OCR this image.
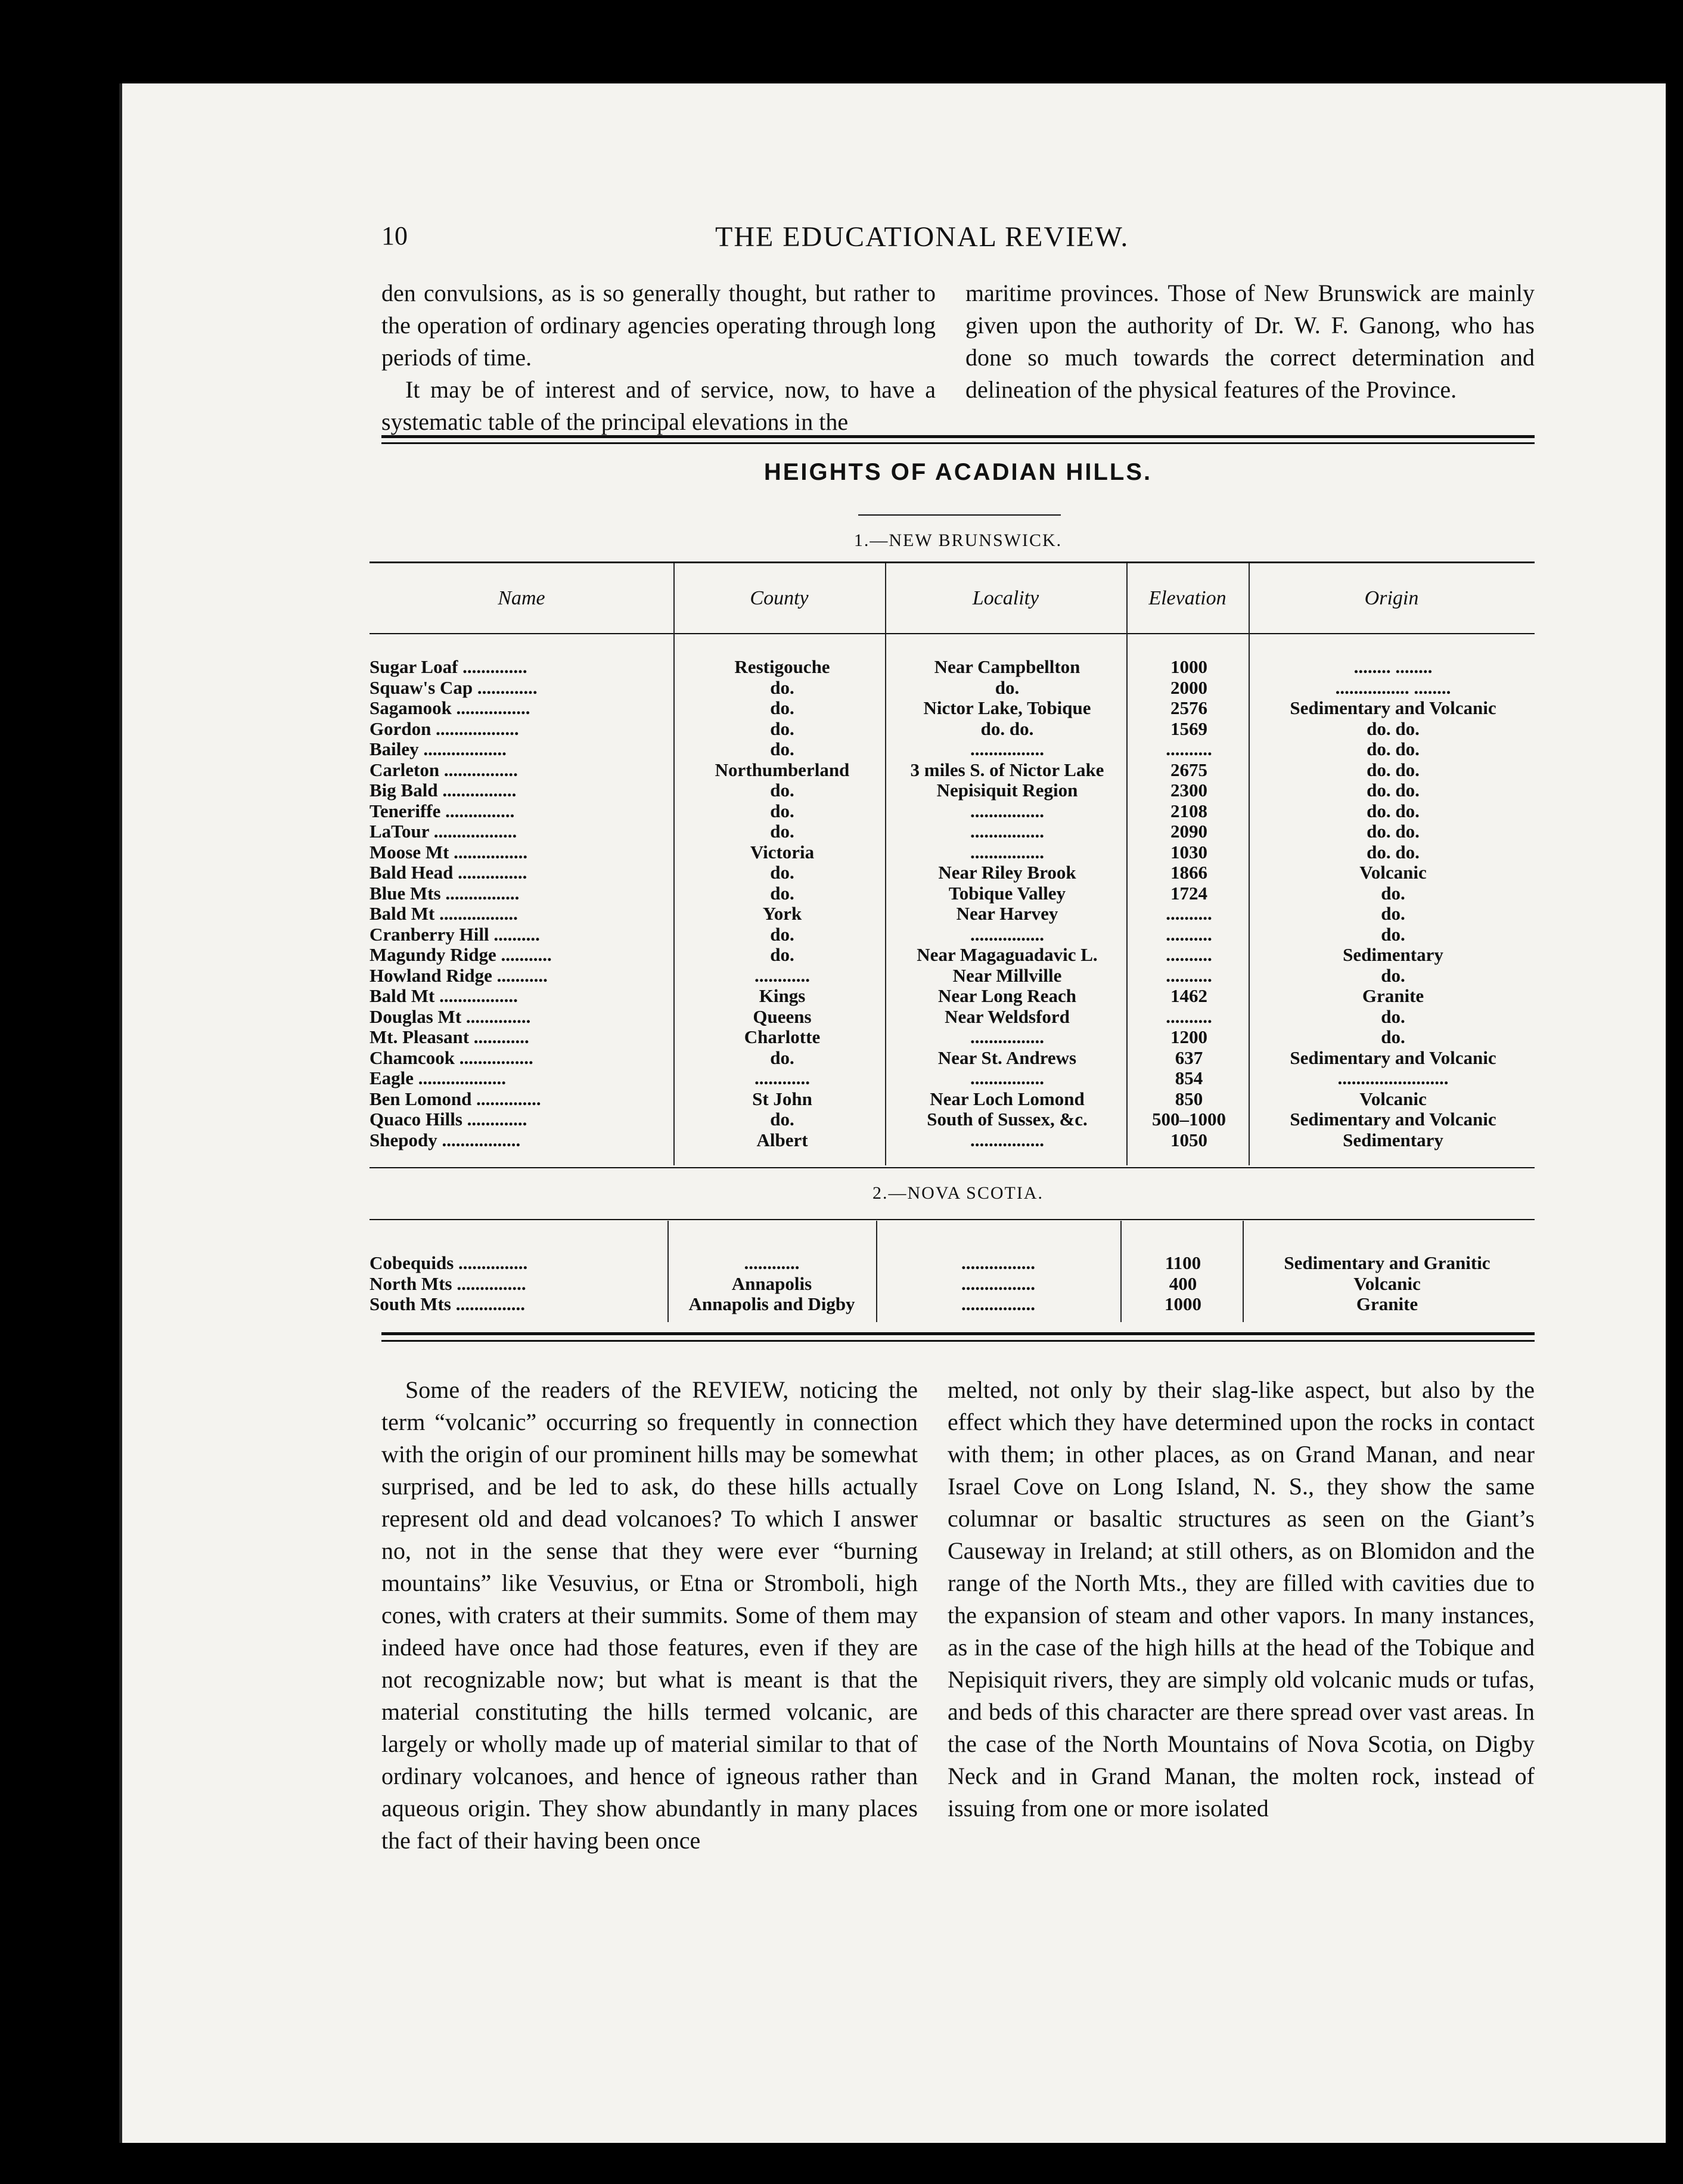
10	THE EDUCATIONAL REVIEW.

den convulsions, as is so generally thought, but rather to the operation of ordinary agencies operating through long periods of time.

It may be of interest and of service, now, to have a systematic table of the principal elevations in the

maritime provinces. Those of New Brunswick are mainly given upon the authority of Dr. W. F. Ganong, who has done so much towards the correct determination and delineation of the physical features of the Province.

HEIGHTS OF ACADIAN HILLS.
1.—NEW BRUNSWICK.
Name	County	Locality	Elevation	Origin
Sugar Loaf ..............	Restigouche	Near Campbellton	1000	........ ........
Squaw's Cap .............	do.	do.	2000	................ ........
Sagamook ................	do.	Nictor Lake, Tobique	2576	Sedimentary and Volcanic
Gordon ..................	do.	do. do.	1569	do. do.
Bailey ..................	do.	................	..........	do. do.
Carleton ................	Northumberland	3 miles S. of Nictor Lake	2675	do. do.
Big Bald ................	do.	Nepisiquit Region	2300	do. do.
Teneriffe ...............	do.	................	2108	do. do.
LaTour ..................	do.	................	2090	do. do.
Moose Mt ................	Victoria	................	1030	do. do.
Bald Head ...............	do.	Near Riley Brook	1866	Volcanic
Blue Mts ................	do.	Tobique Valley	1724	do.
Bald Mt .................	York	Near Harvey	..........	do.
Cranberry Hill ..........	do.	................	..........	do.
Magundy Ridge ...........	do.	Near Magaguadavic L.	..........	Sedimentary
Howland Ridge ...........	............	Near Millville	..........	do.
Bald Mt .................	Kings	Near Long Reach	1462	Granite
Douglas Mt ..............	Queens	Near Weldsford	..........	do.
Mt. Pleasant ............	Charlotte	................	1200	do.
Chamcook ................	do.	Near St. Andrews	637	Sedimentary and Volcanic
Eagle ...................	............	................	854	........................
Ben Lomond ..............	St John	Near Loch Lomond	850	Volcanic
Quaco Hills .............	do.	South of Sussex, &c.	500–1000	Sedimentary and Volcanic
Shepody .................	Albert	................	1050	Sedimentary
2.—NOVA SCOTIA.
Cobequids ...............	............	................	1100	Sedimentary and Granitic
North Mts ...............	Annapolis	................	400	Volcanic
South Mts ...............	Annapolis and Digby	................	1000	Granite

Some of the readers of the REVIEW, noticing the term “volcanic” occurring so frequently in connection with the origin of our prominent hills may be somewhat surprised, and be led to ask, do these hills actually represent old and dead volcanoes? To which I answer no, not in the sense that they were ever “burning mountains” like Vesuvius, or Etna or Stromboli, high cones, with craters at their summits. Some of them may indeed have once had those features, even if they are not recognizable now; but what is meant is that the material constituting the hills termed volcanic, are largely or wholly made up of material similar to that of ordinary volcanoes, and hence of igneous rather than aqueous origin. They show abundantly in many places the fact of their having been once

melted, not only by their slag-like aspect, but also by the effect which they have determined upon the rocks in contact with them; in other places, as on Grand Manan, and near Israel Cove on Long Island, N. S., they show the same columnar or basaltic structures as seen on the Giant’s Causeway in Ireland; at still others, as on Blomidon and the range of the North Mts., they are filled with cavities due to the expansion of steam and other vapors. In many instances, as in the case of the high hills at the head of the Tobique and Nepisiquit rivers, they are simply old volcanic muds or tufas, and beds of this character are there spread over vast areas. In the case of the North Mountains of Nova Scotia, on Digby Neck and in Grand Manan, the molten rock, instead of issuing from one or more isolated
